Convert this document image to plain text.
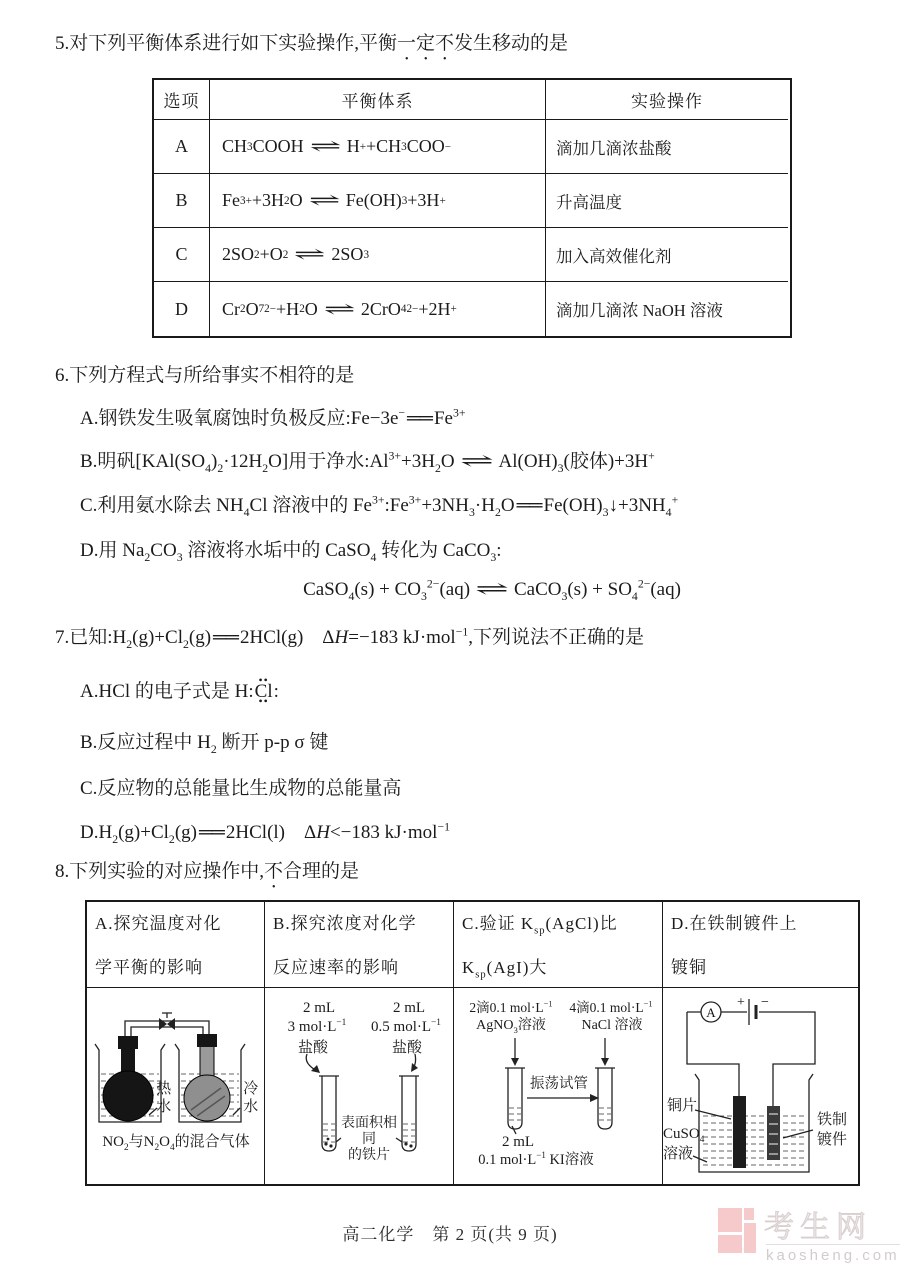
5.对下列平衡体系进行如下实验操作,平衡一定不发生移动的是
选项	平衡体系	实验操作
A	CH 3 COOH ⇌ H + +CH 3 COO −	滴加几滴浓盐酸
B	Fe 3+ +3H 2 O ⇌ Fe(OH) 3 +3H +	升高温度
C	2SO 2 +O 2 ⇌ 2SO 3	加入高效催化剂
D	Cr 2 O 7 2− +H 2 O ⇌ 2CrO 4 2− +2H +	滴加几滴浓 NaOH 溶液
6.下列方程式与所给事实不相符的是
A.钢铁发生吸氧腐蚀时负极反应:Fe−3e− ══ $Fe^{3+}$
B.明矾$[KAl(SO_4)_2\cdot 12H_2O]$用于净水$:Al^{3+}+3H_2O$ ⇌ $Al(OH)_3$(胶体)+3H+
C.利用氨水除去 $NH_4Cl$ 溶液中的 $Fe^{3+}:Fe^{3+}+3NH_3\cdot H_2O$ ══ $Fe(OH)_3↓+3NH_4^+$
D.用 $Na_2CO_3$ 溶液将水垢中的 CaSO$_4$ 转化为 CaCO$_3$:
CaSO$_4$(s) + $CO_3^{2-}(aq)$ ⇌ CaCO$_3$(s) + $SO_4^{2-}(aq)$
7.已知$:H_2(g)+Cl_2(g)$ ══ 2HCl(g)　ΔH=−183 kJ·mol$^{-1}$,下列说法不正确的是
A.HCl 的电子式是 H:•• Cl ••:
B.反应过程中 $H_2$ 断开 p-p σ 键
C.反应物的总能量比生成物的总能量高
$D.H_2(g)+Cl_2(g)$ ══ 2HCl(l)　ΔH<−183 kJ·mol$^{-1}$
8.下列实验的对应操作中,不合理的是
A.探究温度对化
学平衡的影响
B.探究浓度对化学
反应速率的影响
C.验证 $K_{sp}(AgCl)$比
$K_{sp}(AgI)$大
D.在铁制镀件上
镀铜
热水	冷水
$NO_2$与$N_2O_4$的混合气体
2 mL
3 $mol\cdot L^{-1}$
盐酸
2 mL
0.5 $mol\cdot L^{-1}$
盐酸
表面积相同
的铁片
2滴0.1 $mol\cdot L^{-1}$
AgNO$_3$溶液
4滴0.1 $mol\cdot L^{-1}$
NaCl 溶液
振荡试管
2 mL
0.1 $mol\cdot L^{-1}$ KI溶液
A
+ −
铜片
CuSO$_4$
溶液
铁制
镀件
高二化学　 第 2 页(共 9 页)	考生网
kaosheng.com
